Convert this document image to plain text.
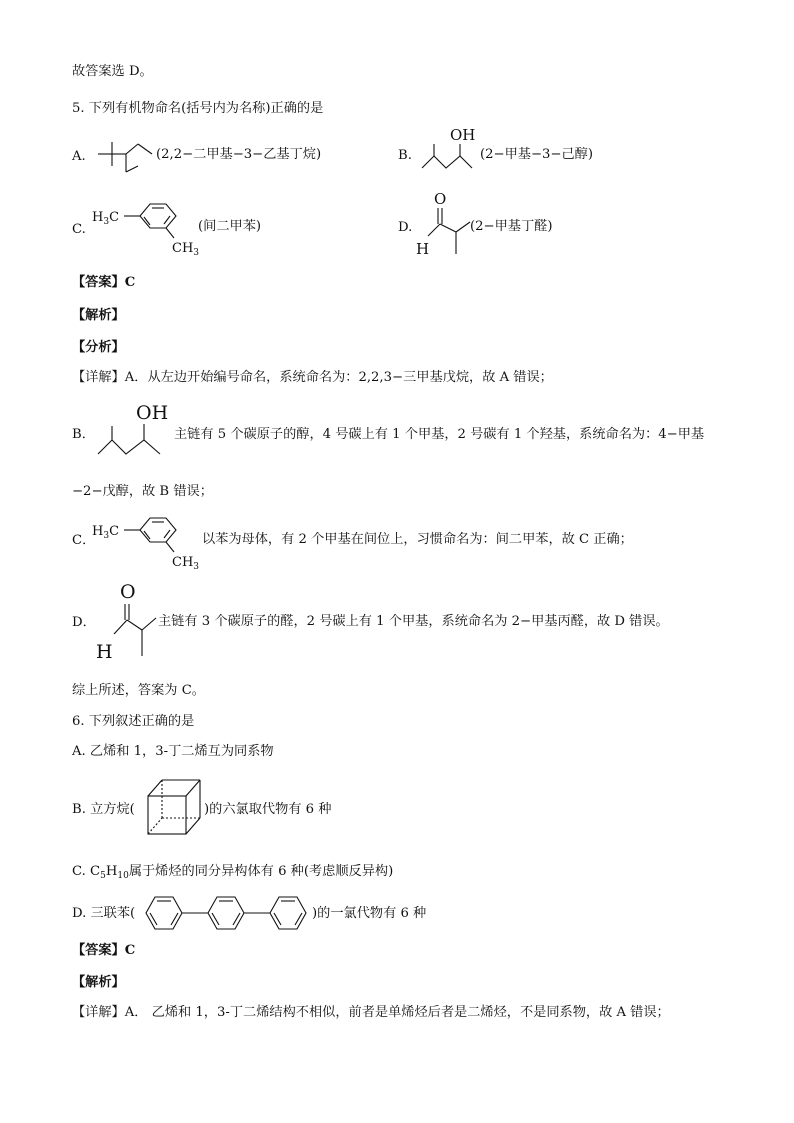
故答案选 D。
5. 下列有机物命名(括号内为名称)正确的是
A.	(2,2−二甲基−3−乙基丁烷)	B.
OH
(2−甲基−3−己醇)
C.
$H_3C$
$CH_3$
(间二甲苯)	D.
O
H
(2−甲基丁醛)
【答案】C
【解析】
【分析】
【详解】A．从左边开始编号命名，系统命名为：2,2,3−三甲基戊烷，故 A 错误；
B．
OH
主链有 5 个碳原子的醇，4 号碳上有 1 个甲基，2 号碳有 1 个羟基，系统命名为：4−甲基
−2−戊醇，故 B 错误；
C．
$H_3C$
$CH_3$
以苯为母体，有 2 个甲基在间位上，习惯命名为：间二甲苯，故 C 正确；
D．
O
H
主链有 3 个碳原子的醛，2 号碳上有 1 个甲基，系统命名为 2−甲基丙醛，故 D 错误。
综上所述，答案为 C。
6. 下列叙述正确的是
A. 乙烯和 1，3-丁二烯互为同系物
B. 立方烷(	)的六氯取代物有 6 种
C. $C_5H_{10}$属于烯烃的同分异构体有 6 种(考虑顺反异构)
D. 三联苯(	)的一氯代物有 6 种
【答案】C
【解析】
【详解】A． 乙烯和 1，3-丁二烯结构不相似，前者是单烯烃后者是二烯烃，不是同系物，故 A 错误；
